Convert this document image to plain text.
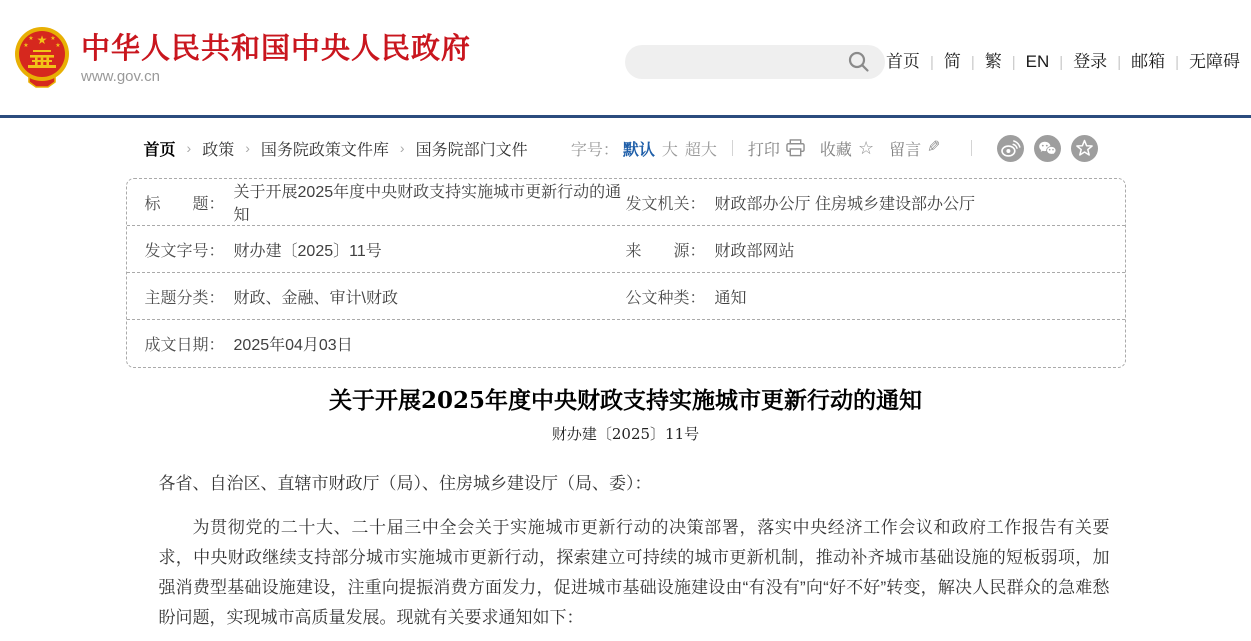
★
★	★
★	★ 中华人民共和国中央人民政府
www.gov.cn
首页 | 简 | 繁 | EN | 登录 | 邮箱 | 无障碍
首页 › 政策 › 国务院政策文件库 › 国务院部门文件	字号： 默认 大 超大 打印	收藏 ☆ 留言 ✎
标　　题：
关于开展2025年度中央财政支持实施城市更新行动的通知
发文机关： 财政部办公厅 住房城乡建设部办公厅
发文字号： 财办建〔2025〕11号	来　　源： 财政部网站
主题分类： 财政、金融、审计\财政	公文种类： 通知
成文日期： 2025年04月03日
关于开展2025年度中央财政支持实施城市更新行动的通知
财办建〔2025〕11号

各省、自治区、直辖市财政厅（局）、住房城乡建设厅（局、委）：

为贯彻党的二十大、二十届三中全会关于实施城市更新行动的决策部署，落实中央经济工作会议和政府工作报告有关要求，中央财政继续支持部分城市实施城市更新行动，探索建立可持续的城市更新机制，推动补齐城市基础设施的短板弱项，加强消费型基础设施建设，注重向提振消费方面发力，促进城市基础设施建设由“有没有”向“好不好”转变，解决人民群众的急难愁盼问题，实现城市高质量发展。现就有关要求通知如下：
